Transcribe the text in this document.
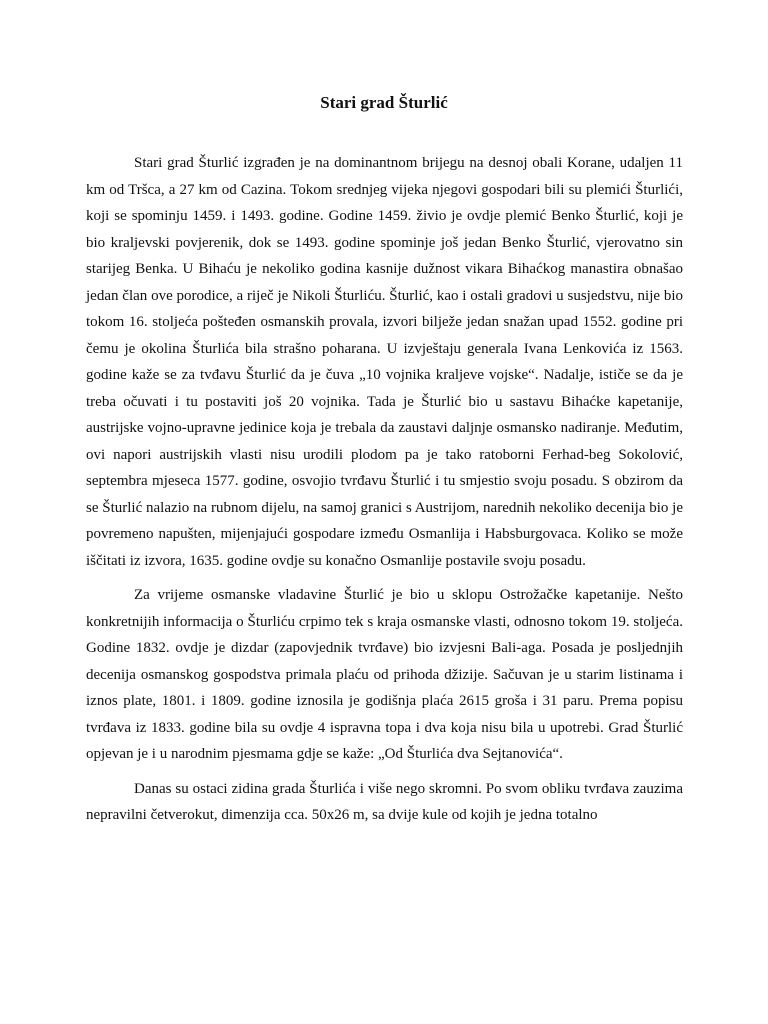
Stari grad Šturlić

Stari grad Šturlić izgrađen je na dominantnom brijegu na desnoj obali Korane, udaljen 11 km od Tršca, a 27 km od Cazina. Tokom srednjeg vijeka njegovi gospodari bili su plemići Šturlići, koji se spominju 1459. i 1493. godine. Godine 1459. živio je ovdje plemić Benko Šturlić, koji je bio kraljevski povjerenik, dok se 1493. godine spominje još jedan Benko Šturlić, vjerovatno sin starijeg Benka. U Bihaću je nekoliko godina kasnije dužnost vikara Bihaćkog manastira obnašao jedan član ove porodice, a riječ je Nikoli Šturliću. Šturlić, kao i ostali gradovi u susjedstvu, nije bio tokom 16. stoljeća pošteđen osmanskih provala, izvori bilježe jedan snažan upad 1552. godine pri čemu je okolina Šturlića bila strašno poharana. U izvještaju generala Ivana Lenkovića iz 1563. godine kaže se za tvđavu Šturlić da je čuva „10 vojnika kraljeve vojske“. Nadalje, ističe se da je treba očuvati i tu postaviti još 20 vojnika. Tada je Šturlić bio u sastavu Bihaćke kapetanije, austrijske vojno-upravne jedinice koja je trebala da zaustavi daljnje osmansko nadiranje. Međutim, ovi napori austrijskih vlasti nisu urodili plodom pa je tako ratoborni Ferhad-beg Sokolović, septembra mjeseca 1577. godine, osvojio tvrđavu Šturlić i tu smjestio svoju posadu. S obzirom da se Šturlić nalazio na rubnom dijelu, na samoj granici s Austrijom, narednih nekoliko decenija bio je povremeno napušten, mijenjajući gospodare između Osmanlija i Habsburgovaca. Koliko se može iščitati iz izvora, 1635. godine ovdje su konačno Osmanlije postavile svoju posadu.

Za vrijeme osmanske vladavine Šturlić je bio u sklopu Ostrožačke kapetanije. Nešto konkretnijih informacija o Šturliću crpimo tek s kraja osmanske vlasti, odnosno tokom 19. stoljeća. Godine 1832. ovdje je dizdar (zapovjednik tvrđave) bio izvjesni Bali-aga. Posada je posljednjih decenija osmanskog gospodstva primala plaću od prihoda džizije. Sačuvan je u starim listinama i iznos plate, 1801. i 1809. godine iznosila je godišnja plaća 2615 groša i 31 paru. Prema popisu tvrđava iz 1833. godine bila su ovdje 4 ispravna topa i dva koja nisu bila u upotrebi. Grad Šturlić opjevan je i u narodnim pjesmama gdje se kaže: „Od Šturlića dva Sejtanovića“.

Danas su ostaci zidina grada Šturlića i više nego skromni. Po svom obliku tvrđava zauzima nepravilni četverokut, dimenzija cca. 50x26 m, sa dvije kule od kojih je jedna totalno
